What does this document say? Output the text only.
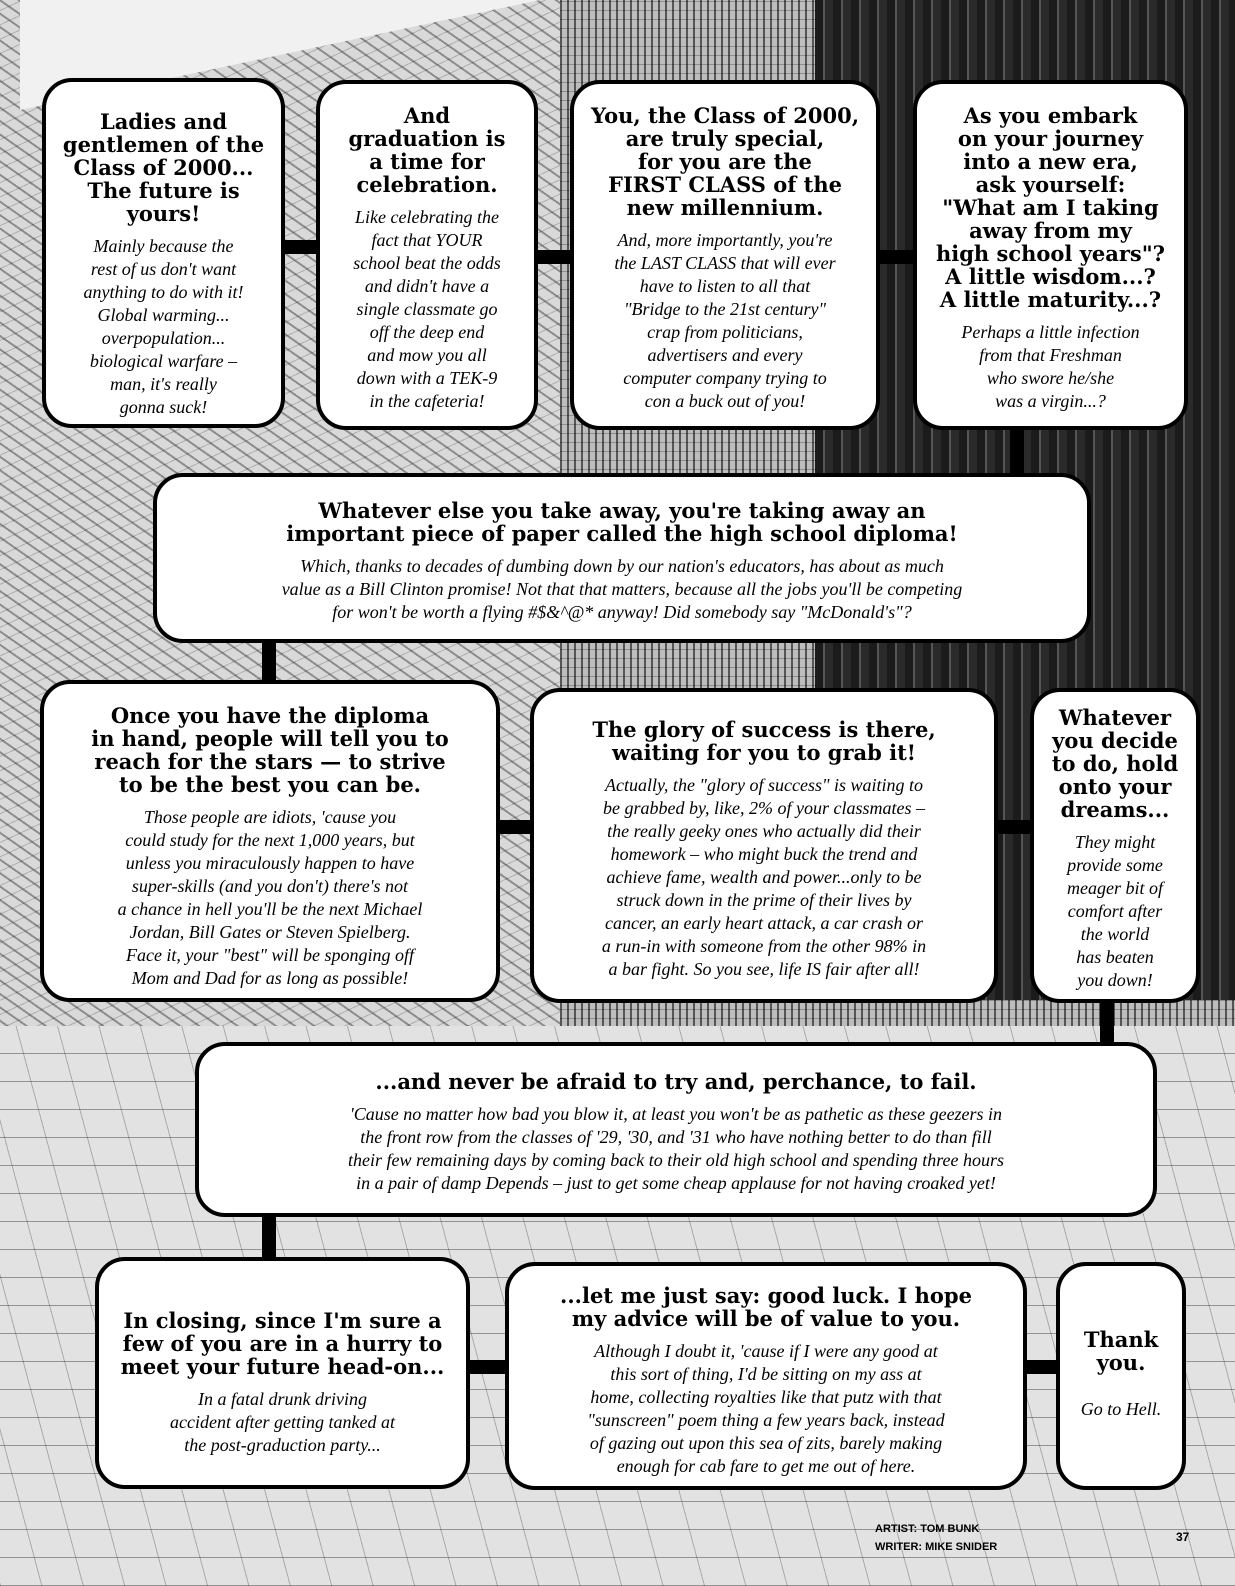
Ladies and
gentlemen of the
Class of 2000...
The future is
yours!

Mainly because the
rest of us don't want
anything to do with it!
Global warming...
overpopulation...
biological warfare –
man, it's really
gonna suck!

And
graduation is
a time for
celebration.

Like celebrating the
fact that YOUR
school beat the odds
and didn't have a
single classmate go
off the deep end
and mow you all
down with a TEK-9
in the cafeteria!

You, the Class of 2000,
are truly special,
for you are the
FIRST CLASS of the
new millennium.

And, more importantly, you're
the LAST CLASS that will ever
have to listen to all that
"Bridge to the 21st century"
crap from politicians,
advertisers and every
computer company trying to
con a buck out of you!

As you embark
on your journey
into a new era,
ask yourself:
"What am I taking
away from my
high school years"?
A little wisdom...?
A little maturity...?

Perhaps a little infection
from that Freshman
who swore he/she
was a virgin...?

Whatever else you take away, you're taking away an
important piece of paper called the high school diploma!

Which, thanks to decades of dumbing down by our nation's educators, has about as much
value as a Bill Clinton promise! Not that that matters, because all the jobs you'll be competing
for won't be worth a flying #$&^@* anyway! Did somebody say "McDonald's"?

Once you have the diploma
in hand, people will tell you to
reach for the stars — to strive
to be the best you can be.

Those people are idiots, 'cause you
could study for the next 1,000 years, but
unless you miraculously happen to have
super-skills (and you don't) there's not
a chance in hell you'll be the next Michael
Jordan, Bill Gates or Steven Spielberg.
Face it, your "best" will be sponging off
Mom and Dad for as long as possible!

The glory of success is there,
waiting for you to grab it!

Actually, the "glory of success" is waiting to
be grabbed by, like, 2% of your classmates –
the really geeky ones who actually did their
homework – who might buck the trend and
achieve fame, wealth and power...only to be
struck down in the prime of their lives by
cancer, an early heart attack, a car crash or
a run-in with someone from the other 98% in
a bar fight. So you see, life IS fair after all!

Whatever
you decide
to do, hold
onto your
dreams...

They might
provide some
meager bit of
comfort after
the world
has beaten
you down!

...and never be afraid to try and, perchance, to fail.

'Cause no matter how bad you blow it, at least you won't be as pathetic as these geezers in
the front row from the classes of '29, '30, and '31 who have nothing better to do than fill
their few remaining days by coming back to their old high school and spending three hours
in a pair of damp Depends – just to get some cheap applause for not having croaked yet!

In closing, since I'm sure a
few of you are in a hurry to
meet your future head-on...

In a fatal drunk driving
accident after getting tanked at
the post-graduction party...

...let me just say: good luck. I hope
my advice will be of value to you.

Although I doubt it, 'cause if I were any good at
this sort of thing, I'd be sitting on my ass at
home, collecting royalties like that putz with that
"sunscreen" poem thing a few years back, instead
of gazing out upon this sea of zits, barely making
enough for cab fare to get me out of here.

Thank
you.

Go to Hell.

ARTIST: TOM BUNK
WRITER: MIKE SNIDER
37
